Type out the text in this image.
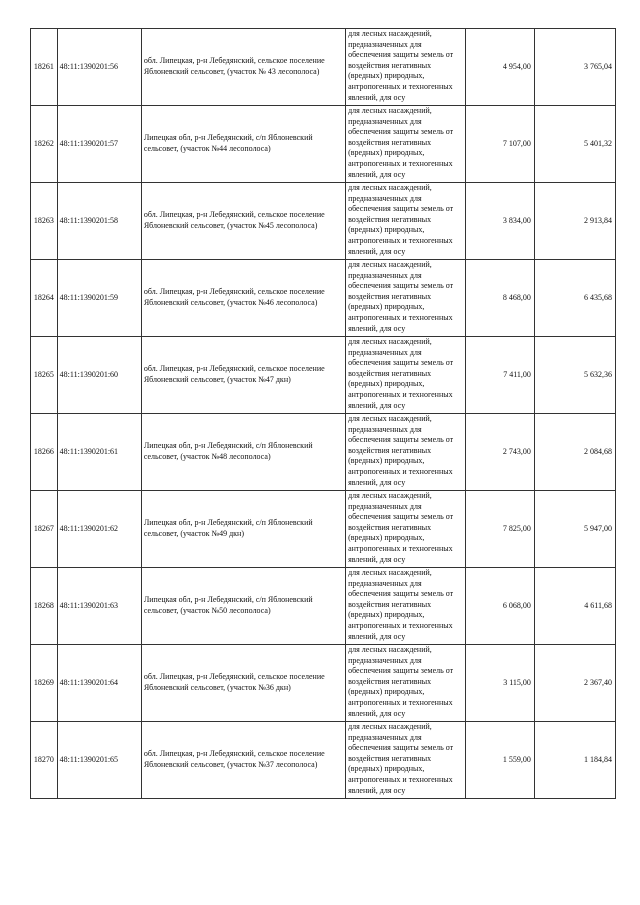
18261	48:11:1390201:56	обл. Липецкая, р-н Лебедянский, сельское поселение Яблоневский сельсовет, (участок № 43 лесополоса)	для лесных насаждений, предназначенных для обеспечения защиты земель от воздействия негативных (вредных) природных, антропогенных и техногенных явлений, для осу	4 954,00	3 765,04
18262	48:11:1390201:57	Липецкая обл, р-н Лебедянский, с/п Яблоневский сельсовет, (участок №44 лесополоса)	для лесных насаждений, предназначенных для обеспечения защиты земель от воздействия негативных (вредных) природных, антропогенных и техногенных явлений, для осу	7 107,00	5 401,32
18263	48:11:1390201:58	обл. Липецкая, р-н Лебедянский, сельское поселение Яблоневский сельсовет, (участок №45 лесополоса)	для лесных насаждений, предназначенных для обеспечения защиты земель от воздействия негативных (вредных) природных, антропогенных и техногенных явлений, для осу	3 834,00	2 913,84
18264	48:11:1390201:59	обл. Липецкая, р-н Лебедянский, сельское поселение Яблоневский сельсовет, (участок №46 лесополоса)	для лесных насаждений, предназначенных для обеспечения защиты земель от воздействия негативных (вредных) природных, антропогенных и техногенных явлений, для осу	8 468,00	6 435,68
18265	48:11:1390201:60	обл. Липецкая, р-н Лебедянский, сельское поселение Яблоневский сельсовет, (участок №47 дкн)	для лесных насаждений, предназначенных для обеспечения защиты земель от воздействия негативных (вредных) природных, антропогенных и техногенных явлений, для осу	7 411,00	5 632,36
18266	48:11:1390201:61	Липецкая обл, р-н Лебедянский, с/п Яблоневский сельсовет, (участок №48 лесополоса)	для лесных насаждений, предназначенных для обеспечения защиты земель от воздействия негативных (вредных) природных, антропогенных и техногенных явлений, для осу	2 743,00	2 084,68
18267	48:11:1390201:62	Липецкая обл, р-н Лебедянский, с/п Яблоневский сельсовет, (участок №49 дкн)	для лесных насаждений, предназначенных для обеспечения защиты земель от воздействия негативных (вредных) природных, антропогенных и техногенных явлений, для осу	7 825,00	5 947,00
18268	48:11:1390201:63	Липецкая обл, р-н Лебедянский, с/п Яблоневский сельсовет, (участок №50 лесополоса)	для лесных насаждений, предназначенных для обеспечения защиты земель от воздействия негативных (вредных) природных, антропогенных и техногенных явлений, для осу	6 068,00	4 611,68
18269	48:11:1390201:64	обл. Липецкая, р-н Лебедянский, сельское поселение Яблоневский сельсовет, (участок №36 дкн)	для лесных насаждений, предназначенных для обеспечения защиты земель от воздействия негативных (вредных) природных, антропогенных и техногенных явлений, для осу	3 115,00	2 367,40
18270	48:11:1390201:65	обл. Липецкая, р-н Лебедянский, сельское поселение Яблоневский сельсовет, (участок №37 лесополоса)	для лесных насаждений, предназначенных для обеспечения защиты земель от воздействия негативных (вредных) природных, антропогенных и техногенных явлений, для осу	1 559,00	1 184,84
